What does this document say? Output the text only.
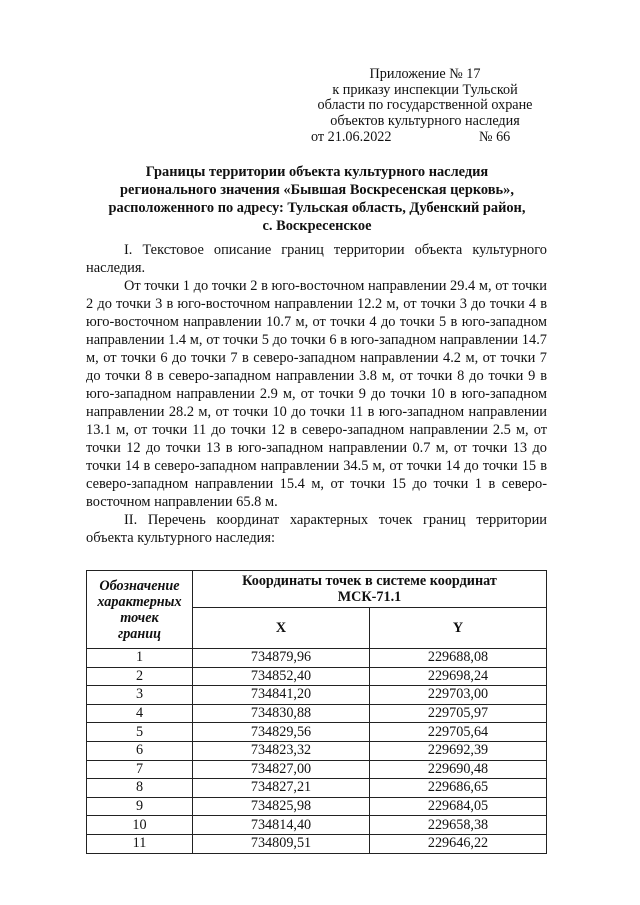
Приложение № 17
к приказу инспекции Тульской
области по государственной охране
объектов культурного наследия
от 21.06.2022	№ 66
Границы территории объекта культурного наследия
регионального значения «Бывшая Воскресенская церковь»,
расположенного по адресу: Тульская область, Дубенский район,
с. Воскресенское
I. Текстовое описание границ территории объекта культурного наследия.
От точки 1 до точки 2 в юго-восточном направлении 29.4 м, от точки 2 до точки 3 в юго-восточном направлении 12.2 м, от точки 3 до точки 4 в юго-восточном направлении 10.7 м, от точки 4 до точки 5 в юго-западном направлении 1.4 м, от точки 5 до точки 6 в юго-западном направлении 14.7 м, от точки 6 до точки 7 в северо-западном направлении 4.2 м, от точки 7 до точки 8 в северо-западном направлении 3.8 м, от точки 8 до точки 9 в юго-западном направлении 2.9 м, от точки 9 до точки 10 в юго-западном направлении 28.2 м, от точки 10 до точки 11 в юго-западном направлении 13.1 м, от точки 11 до точки 12 в северо-западном направлении 2.5 м, от точки 12 до точки 13 в юго-западном направлении 0.7 м, от точки 13 до точки 14 в северо-западном направлении 34.5 м, от точки 14 до точки 15 в северо-западном направлении 15.4 м, от точки 15 до точки 1 в северо-восточном направлении 65.8 м.
II. Перечень координат характерных точек границ территории объекта культурного наследия:
Обозначение
характерных
точек
границ	Координаты точек в системе координат
МСК-71.1	
	X	Y
1	734879,96	229688,08
2	734852,40	229698,24
3	734841,20	229703,00
4	734830,88	229705,97
5	734829,56	229705,64
6	734823,32	229692,39
7	734827,00	229690,48
8	734827,21	229686,65
9	734825,98	229684,05
10	734814,40	229658,38
11	734809,51	229646,22
